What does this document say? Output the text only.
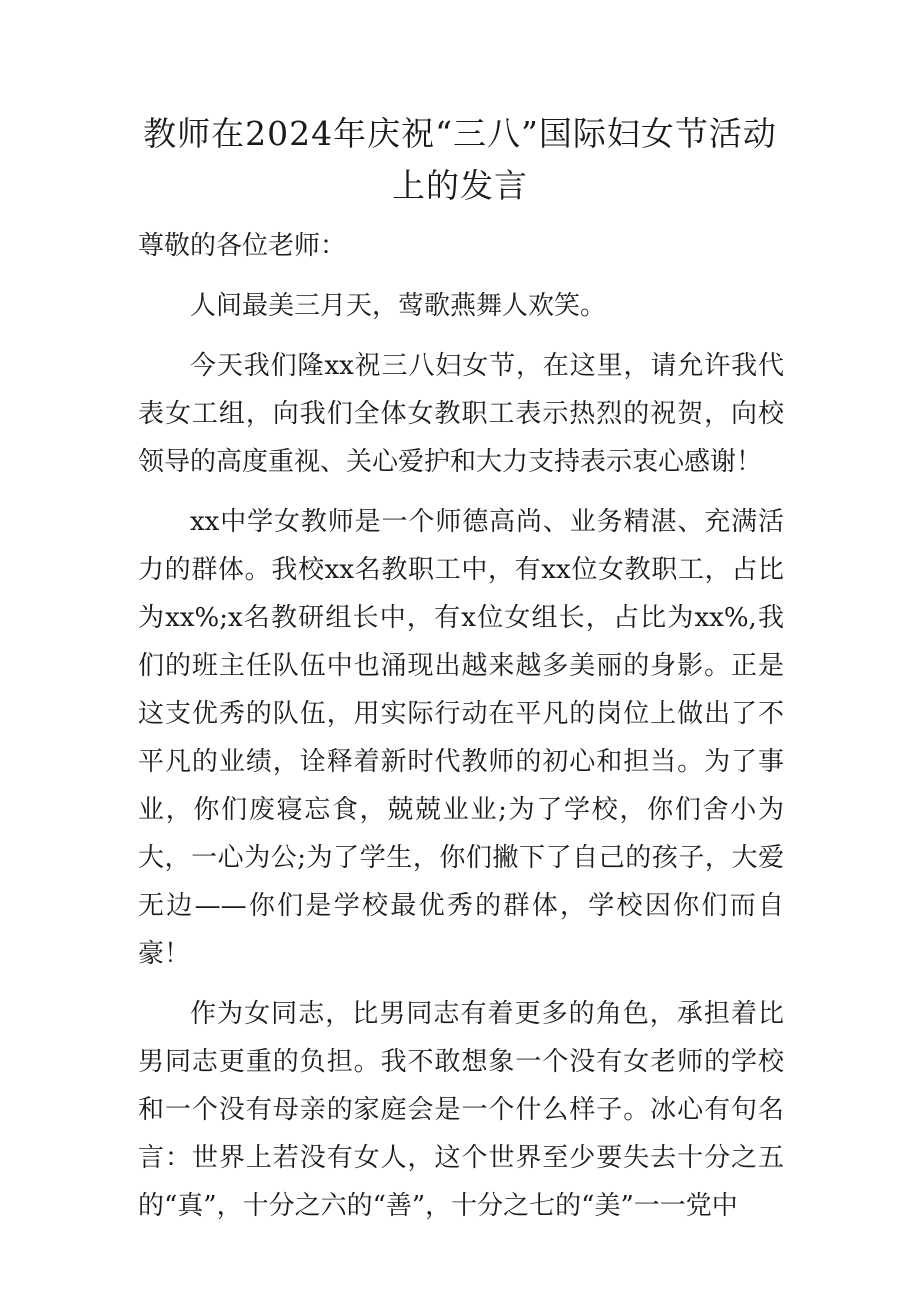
教师在2024年庆祝“三八”国际妇女节活动上的发言

尊敬的各位老师：

人间最美三月天，莺歌燕舞人欢笑。

今天我们隆xx祝三八妇女节，在这里，请允许我代表女工组，向我们全体女教职工表示热烈的祝贺，向校领导的高度重视、关心爱护和大力支持表示衷心感谢！

xx中学女教师是一个师德高尚、业务精湛、充满活力的群体。我校xx名教职工中，有xx位女教职工，占比为xx%;x名教研组长中，有x位女组长，占比为xx%,我们的班主任队伍中也涌现出越来越多美丽的身影。正是这支优秀的队伍，用实际行动在平凡的岗位上做出了不平凡的业绩，诠释着新时代教师的初心和担当。为了事业，你们废寝忘食，兢兢业业;为了学校，你们舍小为大，一心为公;为了学生，你们撇下了自己的孩子，大爱无边——你们是学校最优秀的群体，学校因你们而自豪！

作为女同志，比男同志有着更多的角色，承担着比男同志更重的负担。我不敢想象一个没有女老师的学校和一个没有母亲的家庭会是一个什么样子。冰心有句名言：世界上若没有女人，这个世界至少要失去十分之五的“真”，十分之六的“善”，十分之七的“美”一一党中
